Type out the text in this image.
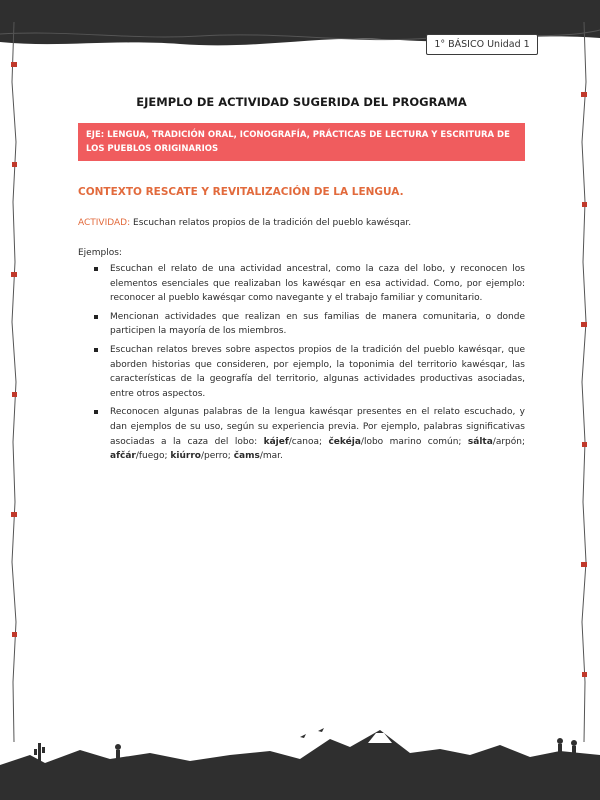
1° BÁSICO Unidad 1
EJEMPLO DE ACTIVIDAD SUGERIDA DEL PROGRAMA
EJE: LENGUA, TRADICIÓN ORAL, ICONOGRAFÍA, PRÁCTICAS DE LECTURA Y ESCRITURA DE LOS PUEBLOS ORIGINARIOS
CONTEXTO RESCATE Y REVITALIZACIÓN DE LA LENGUA.
ACTIVIDAD: Escuchan relatos propios de la tradición del pueblo kawésqar.
Ejemplos:
Escuchan el relato de una actividad ancestral, como la caza del lobo, y reconocen los elementos esenciales que realizaban los kawésqar en esa actividad. Como, por ejemplo: reconocer al pueblo kawésqar como navegante y el trabajo familiar y comunitario.
Mencionan actividades que realizan en sus familias de manera comunitaria, o donde participen la mayoría de los miembros.
Escuchan relatos breves sobre aspectos propios de la tradición del pueblo kawésqar, que aborden historias que consideren, por ejemplo, la toponimia del territorio kawésqar, las características de la geografía del territorio, algunas actividades productivas asociadas, entre otros aspectos.
Reconocen algunas palabras de la lengua kawésqar presentes en el relato escuchado, y dan ejemplos de su uso, según su experiencia previa. Por ejemplo, palabras significativas asociadas a la caza del lobo: kájef/canoa; čekéja/lobo marino común; sálta/arpón; afčár/fuego; kiúrro/perro; čams/mar.
